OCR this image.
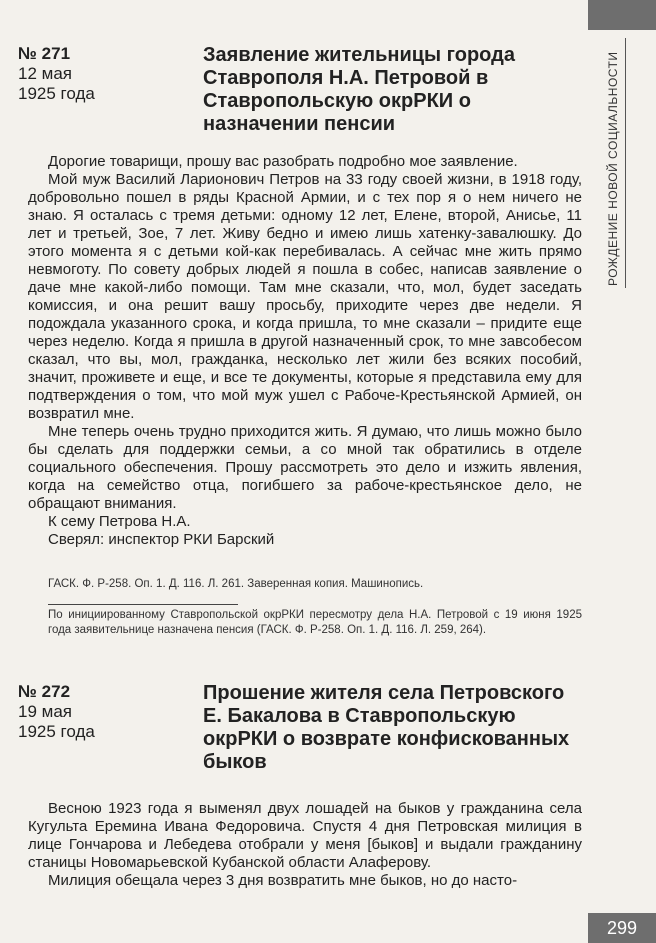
РОЖДЕНИЕ НОВОЙ СОЦИАЛЬНОСТИ
№ 271
12 мая
1925 года
Заявление жительницы города Ставрополя Н.А. Петровой в Ставропольскую окрРКИ о назначении пенсии

Дорогие товарищи, прошу вас разобрать подробно мое заявление.

Мой муж Василий Ларионович Петров на 33 году своей жизни, в 1918 году, добровольно пошел в ряды Красной Армии, и с тех пор я о нем ничего не знаю. Я осталась с тремя детьми: одному 12 лет, Елене, второй, Анисье, 11 лет и третьей, Зое, 7 лет. Живу бедно и имею лишь хатенку-завалюшку. До этого момента я с детьми кой-как перебивалась. А сейчас мне жить прямо невмоготу. По совету добрых людей я пошла в собес, написав заявление о даче мне какой-либо помощи. Там мне сказали, что, мол, будет заседать комиссия, и она решит вашу просьбу, приходите через две недели. Я подождала указанного срока, и когда пришла, то мне сказали – придите еще через неделю. Когда я пришла в другой назначенный срок, то мне завсобесом сказал, что вы, мол, гражданка, несколько лет жили без всяких пособий, значит, проживете и еще, и все те документы, которые я представила ему для подтверждения о том, что мой муж ушел с Рабоче-Крестьянской Армией, он возвратил мне.

Мне теперь очень трудно приходится жить. Я думаю, что лишь можно было бы сделать для поддержки семьи, а со мной так обратились в отделе социального обеспечения. Прошу рассмотреть это дело и изжить явления, когда на семейство отца, погибшего за рабоче-крестьянское дело, не обращают внимания.

К сему Петрова Н.А.

Сверял: инспектор РКИ Барский

ГАСК. Ф. Р-258. Оп. 1. Д. 116. Л. 261. Заверенная копия. Машинопись.
По инициированному Ставропольской окрРКИ пересмотру дела Н.А. Петровой с 19 июня 1925 года заявительнице назначена пенсия (ГАСК. Ф. Р-258. Оп. 1. Д. 116. Л. 259, 264).
№ 272
19 мая
1925 года
Прошение жителя села Петровского Е. Бакалова в Ставропольскую окрРКИ о возврате конфискованных быков

Весною 1923 года я выменял двух лошадей на быков у гражданина села Кугульта Еремина Ивана Федоровича. Спустя 4 дня Петровская милиция в лице Гончарова и Лебедева отобрали у меня [быков] и выдали гражданину станицы Новомарьевской Кубанской области Алаферову.

Милиция обещала через 3 дня возвратить мне быков, но до насто-

299
